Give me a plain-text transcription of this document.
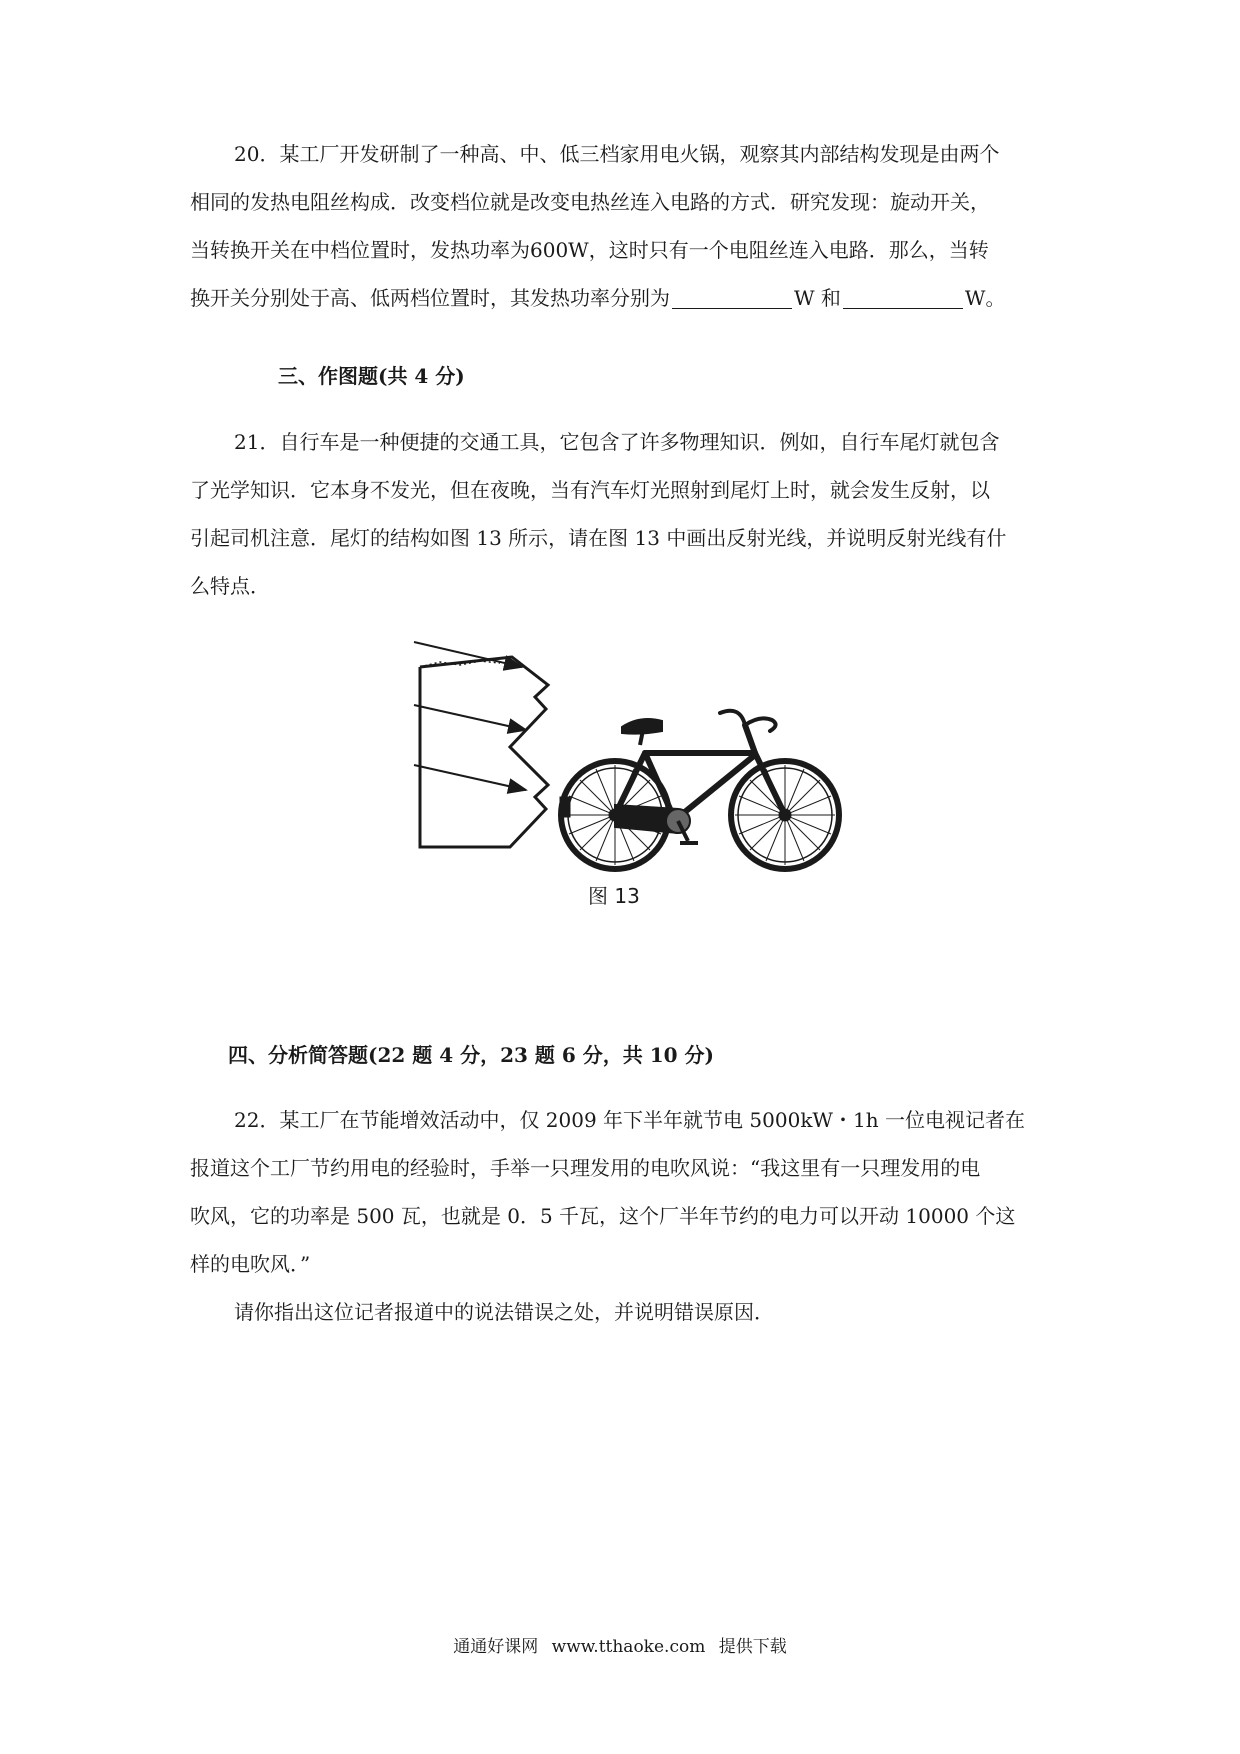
20．某工厂开发研制了一种高、中、低三档家用电火锅，观察其内部结构发现是由两个
相同的发热电阻丝构成．改变档位就是改变电热丝连入电路的方式．研究发现：旋动开关，
当转换开关在中档位置时，发热功率为600W，这时只有一个电阻丝连入电路．那么，当转
换开关分别处于高、低两档位置时，其发热功率分别为	W 和	W。
三、作图题(共 4 分)
21．自行车是一种便捷的交通工具，它包含了许多物理知识．例如，自行车尾灯就包含
了光学知识．它本身不发光，但在夜晚，当有汽车灯光照射到尾灯上时，就会发生反射，以
引起司机注意．尾灯的结构如图 13 所示，请在图 13 中画出反射光线，并说明反射光线有什
么特点．
图 13
四、分析简答题(22 题 4 分，23 题 6 分，共 10 分)
22．某工厂在节能增效活动中，仅 2009 年下半年就节电 5000kW・1h 一位电视记者在
报道这个工厂节约用电的经验时，手举一只理发用的电吹风说：“我这里有一只理发用的电
吹风，它的功率是 500 瓦，也就是 0．5 千瓦，这个厂半年节约的电力可以开动 10000 个这
样的电吹风．”
请你指出这位记者报道中的说法错误之处，并说明错误原因．
通通好课网 www.tthaoke.com 提供下载
